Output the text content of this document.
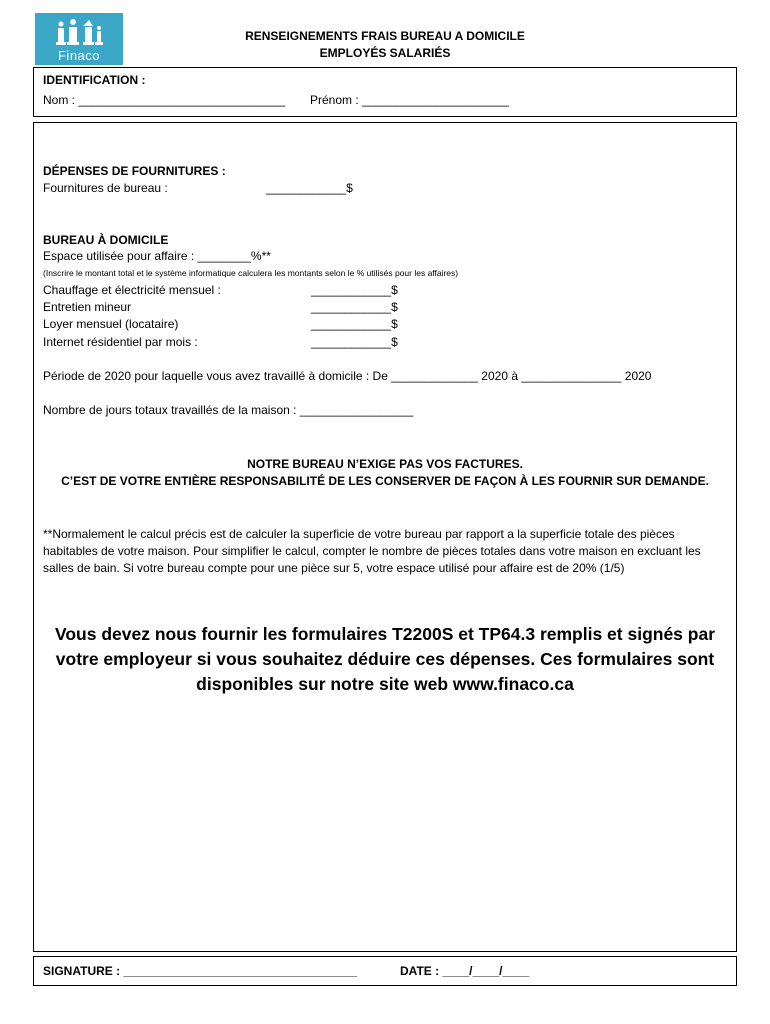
Finaco
RENSEIGNEMENTS FRAIS BUREAU A DOMICILE
EMPLOYÉS SALARIÉS
IDENTIFICATION :
Nom : _______________________________ Prénom : ______________________
DÉPENSES DE FOURNITURES :
Fournitures de bureau :	____________$
BUREAU À DOMICILE
Espace utilisée pour affaire : ________%**
(Inscrire le montant total et le système informatique calculera les montants selon le % utilisés pour les affaires)
Chauffage et électricité mensuel :	____________$
Entretien mineur	____________$
Loyer mensuel (locataire)	____________$
Internet résidentiel par mois :	____________$
Période de 2020 pour laquelle vous avez travaillé à domicile : De _____________ 2020 à _______________ 2020
Nombre de jours totaux travaillés de la maison : _________________
NOTRE BUREAU N’EXIGE PAS VOS FACTURES.
C’EST DE VOTRE ENTIÈRE RESPONSABILITÉ DE LES CONSERVER DE FAÇON À LES FOURNIR SUR DEMANDE.
**Normalement le calcul précis est de calculer la superficie de votre bureau par rapport a la superficie totale des pièces habitables de votre maison. Pour simplifier le calcul, compter le nombre de pièces totales dans votre maison en excluant les salles de bain. Si votre bureau compte pour une pièce sur 5, votre espace utilisé pour affaire est de 20% (1/5)
Vous devez nous fournir les formulaires T2200S et TP64.3 remplis et signés par
votre employeur si vous souhaitez déduire ces dépenses. Ces formulaires sont
disponibles sur notre site web www.finaco.ca
SIGNATURE : ___________________________________	DATE : ____/____/____
